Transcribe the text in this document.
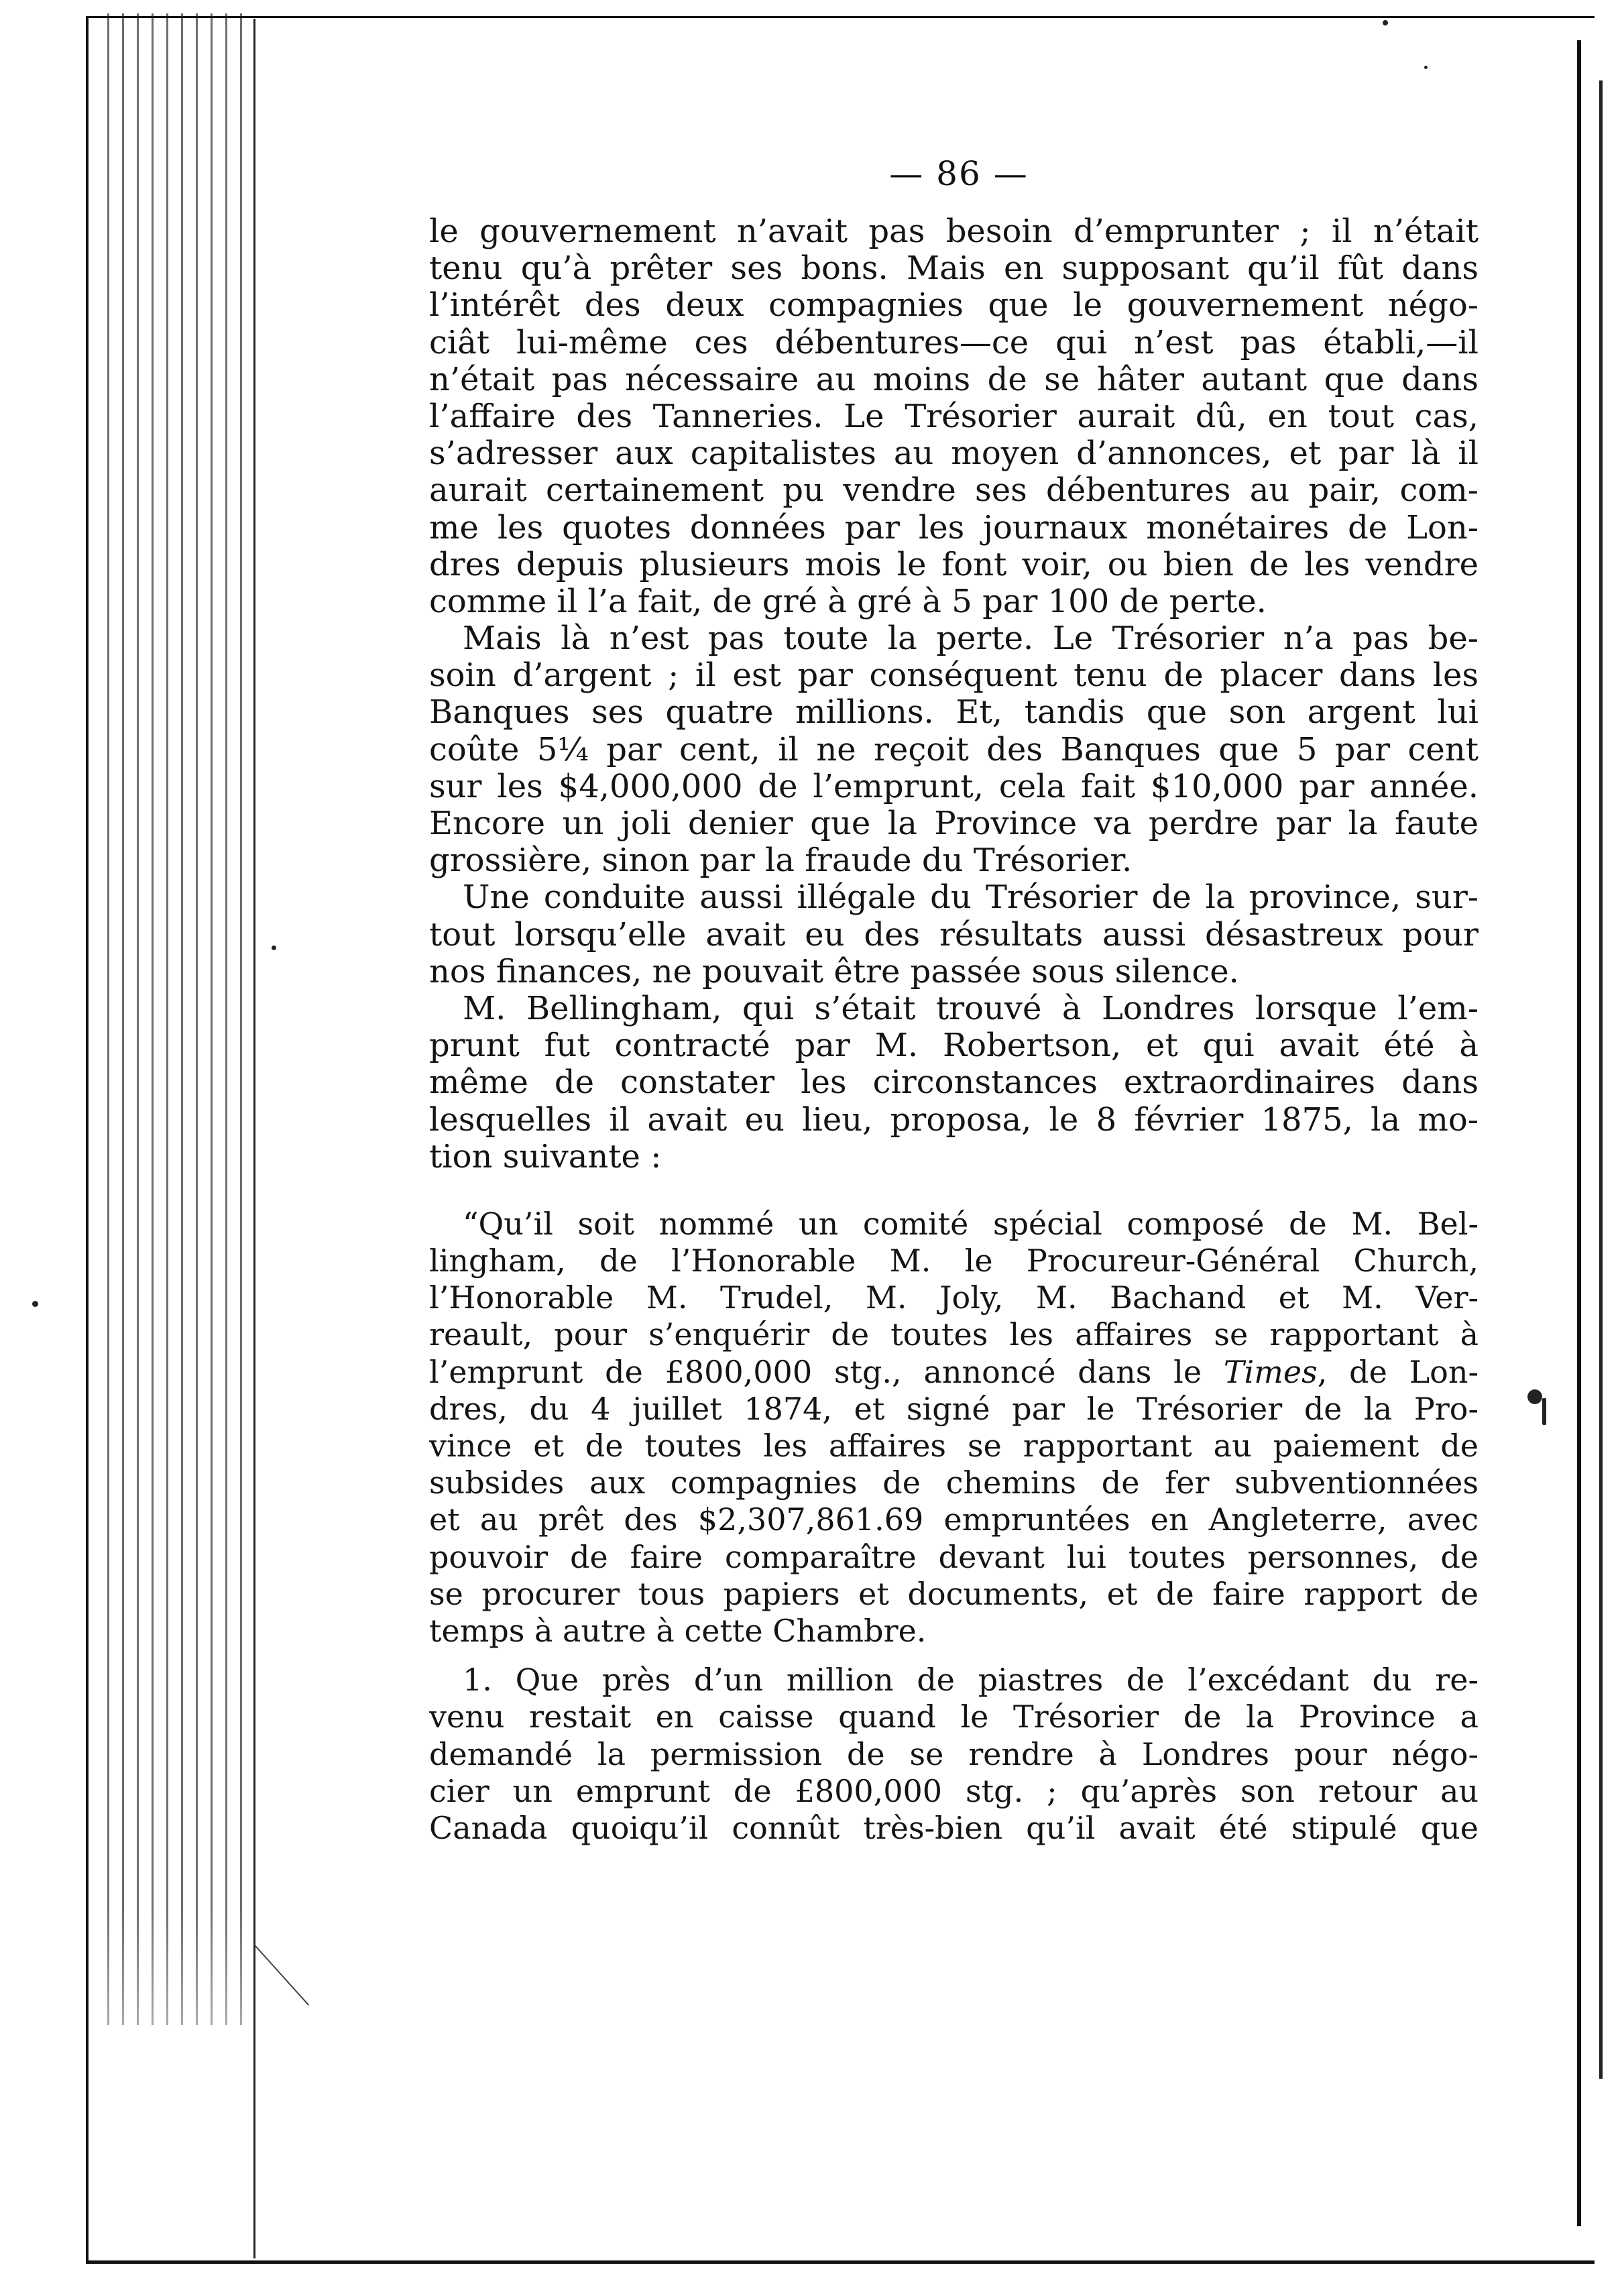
— 86 —
le gouvernement n’avait pas besoin d’emprunter ; il n’était
tenu qu’à prêter ses bons. Mais en supposant qu’il fût dans
l’intérêt des deux compagnies que le gouvernement négo-
ciât lui-même ces débentures—ce qui n’est pas établi,—il
n’était pas nécessaire au moins de se hâter autant que dans
l’affaire des Tanneries. Le Trésorier aurait dû, en tout cas,
s’adresser aux capitalistes au moyen d’annonces, et par là il
aurait certainement pu vendre ses débentures au pair, com-
me les quotes données par les journaux monétaires de Lon-
dres depuis plusieurs mois le font voir, ou bien de les vendre
comme il l’a fait, de gré à gré à 5 par 100 de perte.
Mais là n’est pas toute la perte. Le Trésorier n’a pas be-
soin d’argent ; il est par conséquent tenu de placer dans les
Banques ses quatre millions. Et, tandis que son argent lui
coûte 5¼ par cent, il ne reçoit des Banques que 5 par cent
sur les $4,000,000 de l’emprunt, cela fait $10,000 par année.
Encore un joli denier que la Province va perdre par la faute
grossière, sinon par la fraude du Trésorier.
Une conduite aussi illégale du Trésorier de la province, sur-
tout lorsqu’elle avait eu des résultats aussi désastreux pour
nos finances, ne pouvait être passée sous silence.
M. Bellingham, qui s’était trouvé à Londres lorsque l’em-
prunt fut contracté par M. Robertson, et qui avait été à
même de constater les circonstances extraordinaires dans
lesquelles il avait eu lieu, proposa, le 8 février 1875, la mo-
tion suivante :
“Qu’il soit nommé un comité spécial composé de M. Bel-
lingham, de l’Honorable M. le Procureur-Général Church,
l’Honorable M. Trudel, M. Joly, M. Bachand et M. Ver-
reault, pour s’enquérir de toutes les affaires se rapportant à
l’emprunt de £800,000 stg., annoncé dans le Times, de Lon-
dres, du 4 juillet 1874, et signé par le Trésorier de la Pro-
vince et de toutes les affaires se rapportant au paiement de
subsides aux compagnies de chemins de fer subventionnées
et au prêt des $2,307,861.69 empruntées en Angleterre, avec
pouvoir de faire comparaître devant lui toutes personnes, de
se procurer tous papiers et documents, et de faire rapport de
temps à autre à cette Chambre.
1. Que près d’un million de piastres de l’excédant du re-
venu restait en caisse quand le Trésorier de la Province a
demandé la permission de se rendre à Londres pour négo-
cier un emprunt de £800,000 stg. ; qu’après son retour au
Canada quoiqu’il connût très-bien qu’il avait été stipulé que
